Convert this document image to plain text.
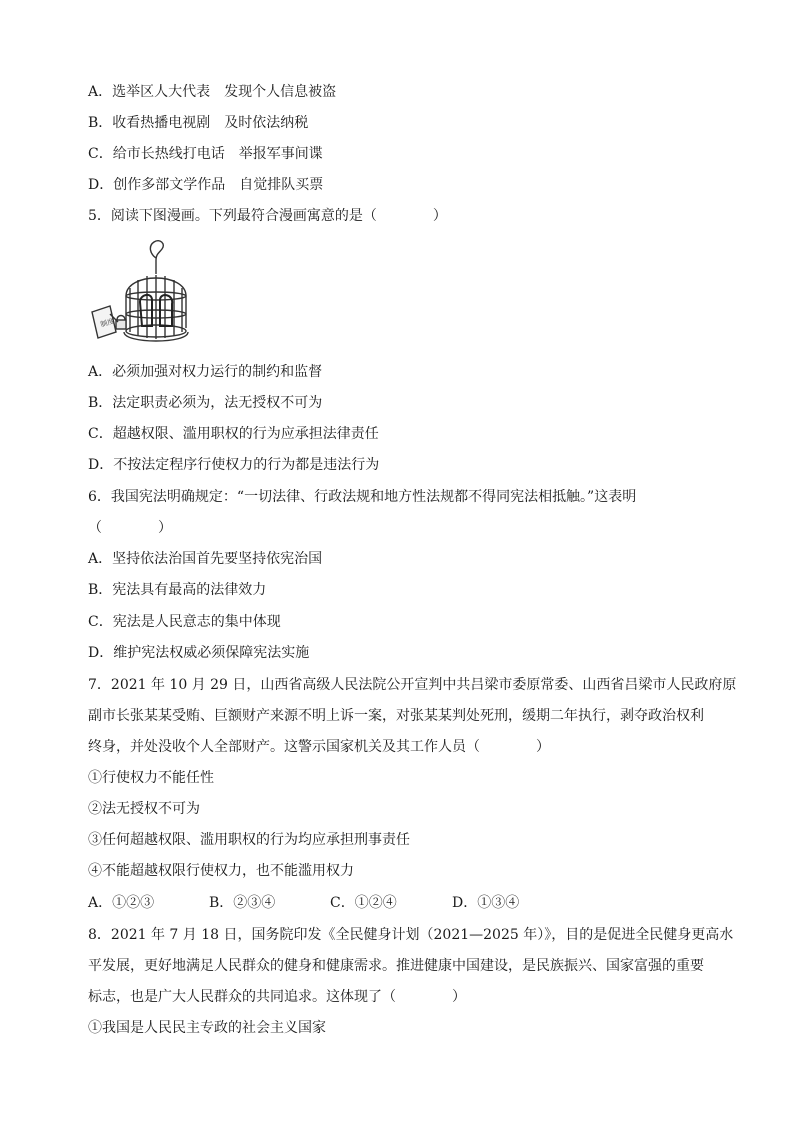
A．选举区人大代表　发现个人信息被盗
B．收看热播电视剧　及时依法纳税
C．给市长热线打电话　举报军事间谍
D．创作多部文学作品　自觉排队买票
5．阅读下图漫画。下列最符合漫画寓意的是（　　　　）
制度
A．必须加强对权力运行的制约和监督
B．法定职责必须为，法无授权不可为
C．超越权限、滥用职权的行为应承担法律责任
D．不按法定程序行使权力的行为都是违法行为
6．我国宪法明确规定：“一切法律、行政法规和地方性法规都不得同宪法相抵触。”这表明
（　　　　）
A．坚持依法治国首先要坚持依宪治国
B．宪法具有最高的法律效力
C．宪法是人民意志的集中体现
D．维护宪法权威必须保障宪法实施
7．2021 年 10 月 29 日，山西省高级人民法院公开宣判中共吕梁市委原常委、山西省吕梁市人民政府原
副市长张某某受贿、巨额财产来源不明上诉一案，对张某某判处死刑，缓期二年执行，剥夺政治权利
终身，并处没收个人全部财产。这警示国家机关及其工作人员（　　　　）
①行使权力不能任性
②法无授权不可为
③任何超越权限、滥用职权的行为均应承担刑事责任
④不能超越权限行使权力，也不能滥用权力
A．①②③	B．②③④	C．①②④	D．①③④
8．2021 年 7 月 18 日，国务院印发《全民健身计划（2021—2025 年）》，目的是促进全民健身更高水
平发展，更好地满足人民群众的健身和健康需求。推进健康中国建设，是民族振兴、国家富强的重要
标志，也是广大人民群众的共同追求。这体现了（　　　　）
①我国是人民民主专政的社会主义国家
